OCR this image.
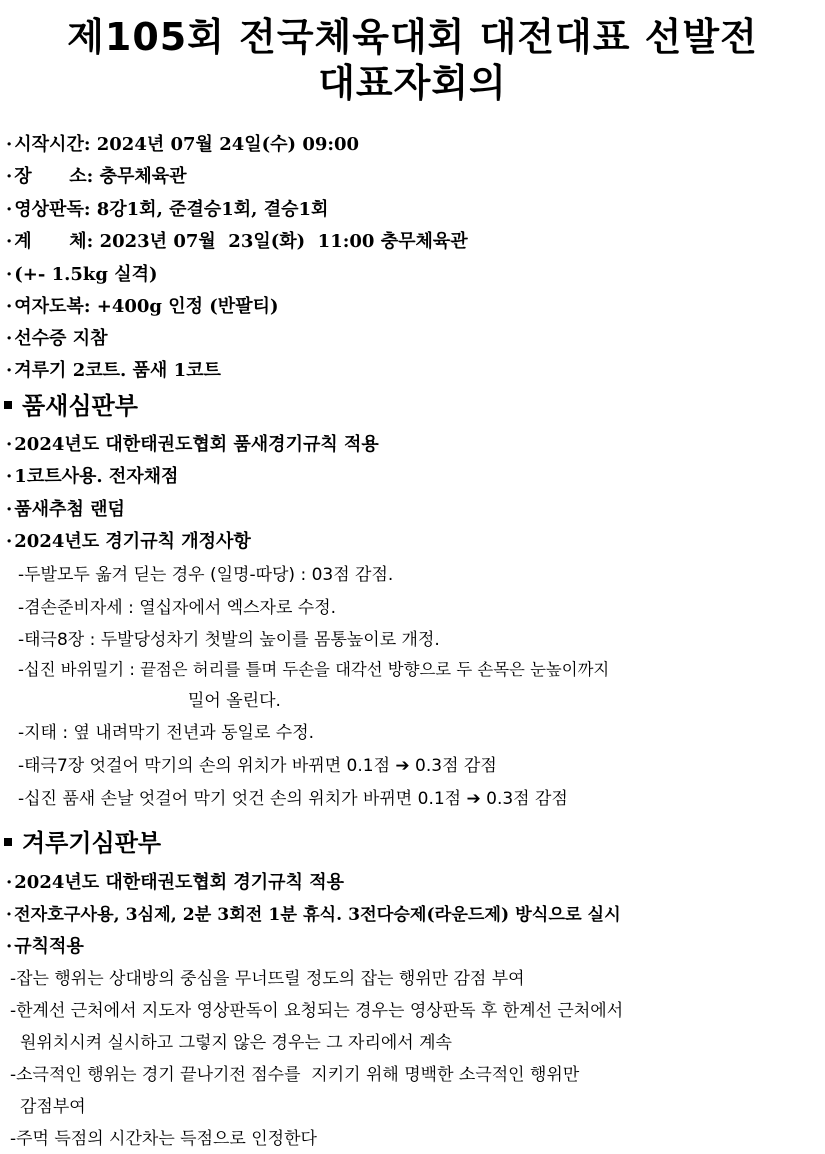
제105회 전국체육대회 대전대표 선발전
대표자회의
· 시작시간: 2024년 07월 24일(수) 09:00
· 장      소: 충무체육관
· 영상판독: 8강1회, 준결승1회, 결승1회
· 계      체: 2023년 07월  23일(화)  11:00 충무체육관
· (+- 1.5kg 실격)
· 여자도복: +400g 인정 (반팔티)
· 선수증 지참
· 겨루기 2코트. 품새 1코트
품새심판부
· 2024년도 대한태권도협회 품새경기규칙 적용
· 1코트사용. 전자채점
· 품새추첨 랜덤
· 2024년도 경기규칙 개정사항
-두발모두 옮겨 딛는 경우 (일명-따당) : 03점 감점.
-겸손준비자세 : 열십자에서 엑스자로 수정.
-태극8장 : 두발당성차기 첫발의 높이를 몸통높이로 개정.
-십진 바위밀기 : 끝점은 허리를 틀며 두손을 대각선 방향으로 두 손목은 눈높이까지
밀어 올린다.
-지태 : 옆 내려막기 전년과 동일로 수정.
-태극7장 엇걸어 막기의 손의 위치가 바뀌면 0.1점 ➔ 0.3점 감점
-십진 품새 손날 엇걸어 막기 엇건 손의 위치가 바뀌면 0.1점 ➔ 0.3점 감점
겨루기심판부
· 2024년도 대한태권도협회 경기규칙 적용
· 전자호구사용, 3심제, 2분 3회전 1분 휴식. 3전다승제(라운드제) 방식으로 실시
· 규칙적용
-잡는 행위는 상대방의 중심을 무너뜨릴 정도의 잡는 행위만 감점 부여
-한계선 근처에서 지도자 영상판독이 요청되는 경우는 영상판독 후 한계선 근처에서
원위치시켜 실시하고 그렇지 않은 경우는 그 자리에서 계속
-소극적인 행위는 경기 끝나기전 점수를  지키기 위해 명백한 소극적인 행위만
감점부여
-주먹 득점의 시간차는 득점으로 인정한다
